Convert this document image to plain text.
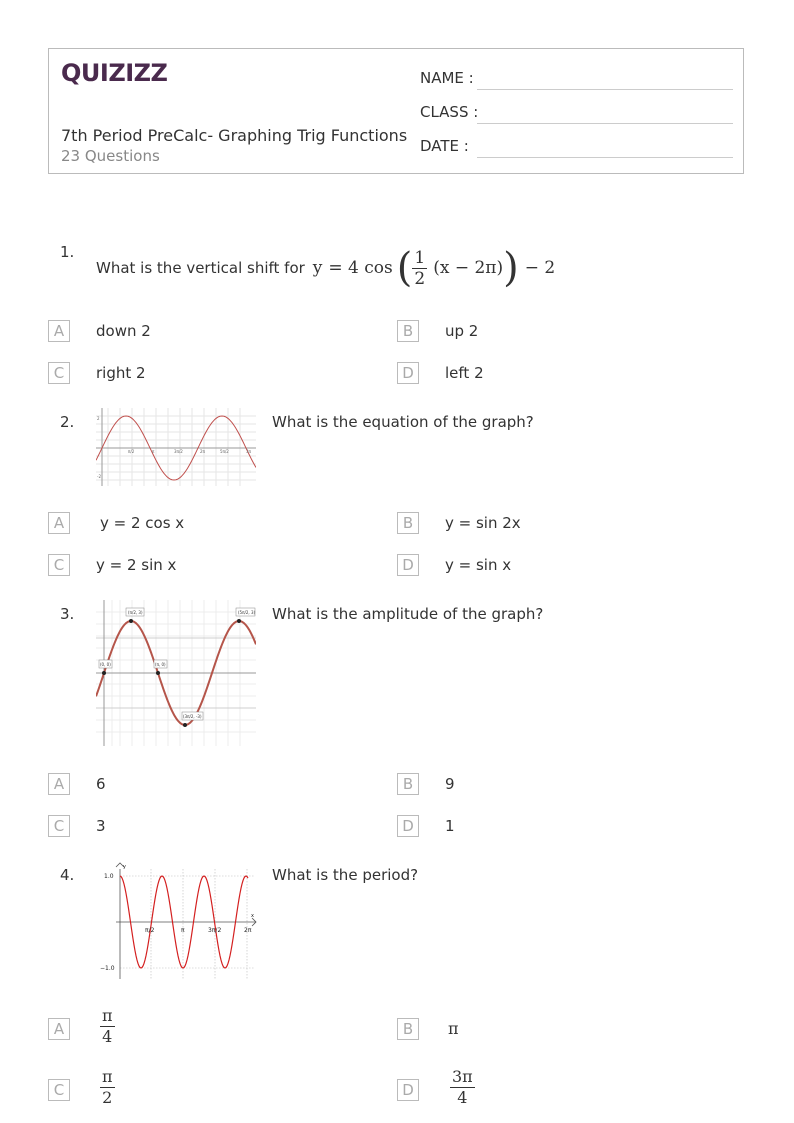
QUIZIZZ
7th Period PreCalc- Graphing Trig Functions
23 Questions
NAME :
CLASS :
DATE :
1.
What is the vertical shift for y = 4 cos ( $\frac{1}{2} (x - 2\pi)$ ) − 2
A	down 2	B	up 2
C	right 2	D	left 2
2.
π/2	π	3π/2	2π	5π/2	3π
2
-2
What is the equation of the graph?
A	y = 2 cos x	B	y = sin 2x
C	y = 2 sin x	D	y = sin x
3.	(π/2, 3)	(5π/2, 3)
(0, 0)	(π, 0)
(3π/2, -3)
What is the amplitude of the graph?
A	6	B	9
C	3	D	1
4.	1.0
−1.0
π/2	π	3π/2	2π
y
x
What is the period?
A	$\frac{\pi}{4}$	B	π
C	$\frac{\pi}{2}$	D	$\frac{3\pi}{4}$
